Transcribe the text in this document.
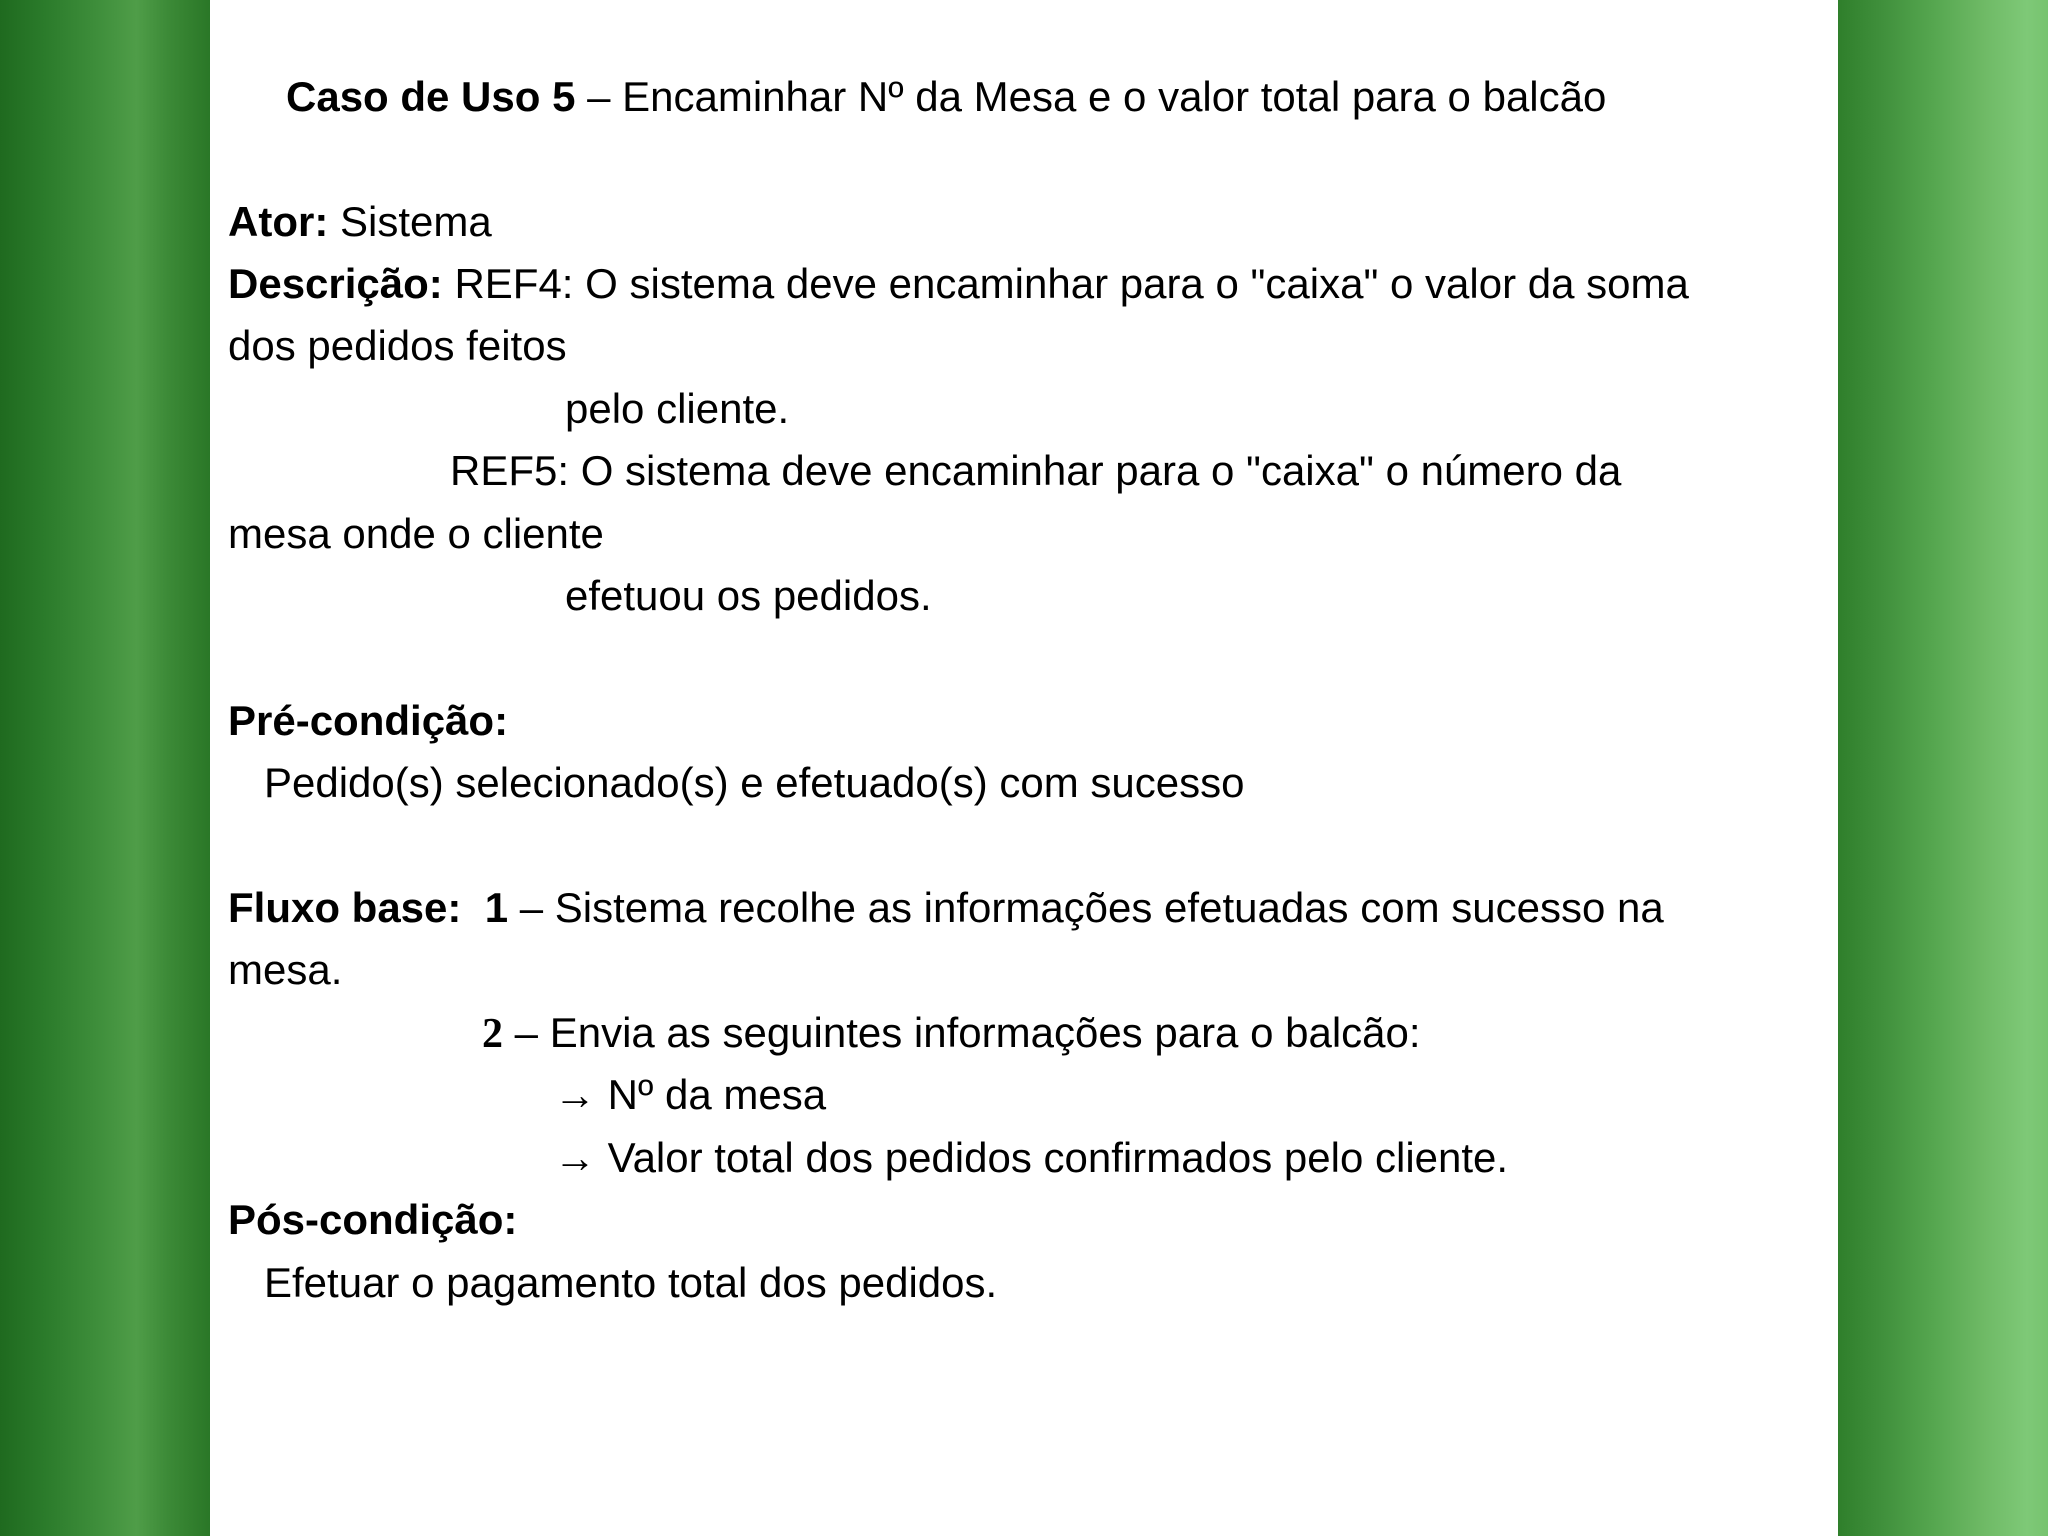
Caso de Uso 5 – Encaminhar Nº da Mesa e o valor total para o balcão
Ator: Sistema
Descrição: REF4: O sistema deve encaminhar para o "caixa" o valor da soma
dos pedidos feitos
pelo cliente.
REF5: O sistema deve encaminhar para o "caixa" o número da
mesa onde o cliente
efetuou os pedidos.
Pré-condição:
Pedido(s) selecionado(s) e efetuado(s) com sucesso
Fluxo base: 1 – Sistema recolhe as informações efetuadas com sucesso na
mesa.
2 – Envia as seguintes informações para o balcão:
→ Nº da mesa
→ Valor total dos pedidos confirmados pelo cliente.
Pós-condição:
Efetuar o pagamento total dos pedidos.
